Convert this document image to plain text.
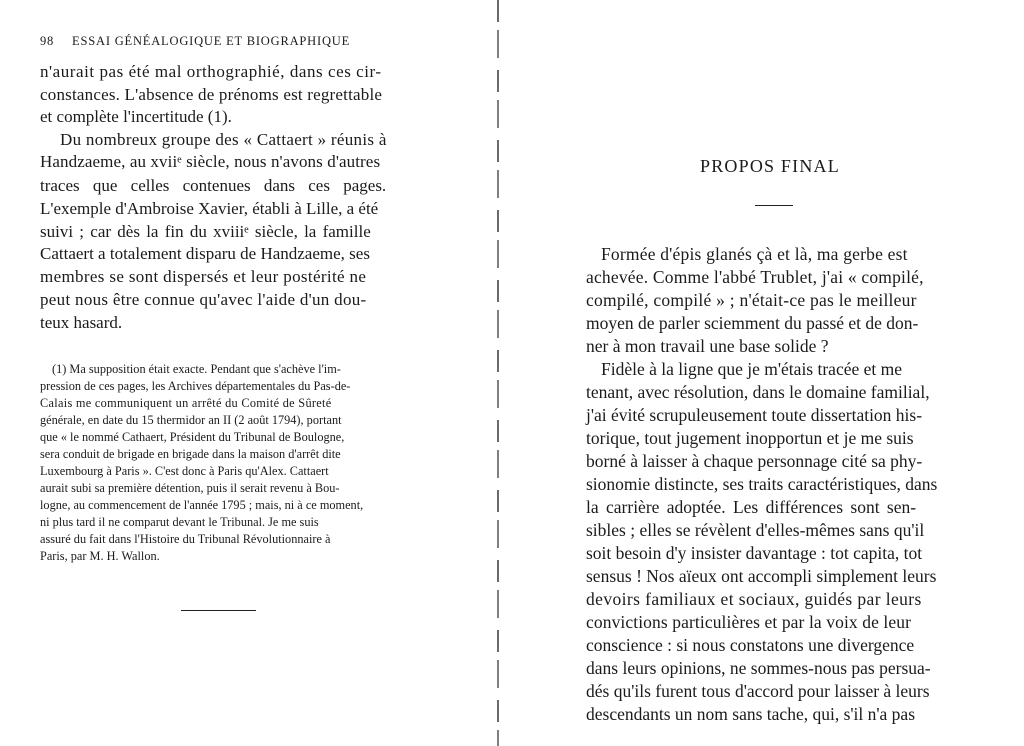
98 ESSAI GÉNÉALOGIQUE ET BIOGRAPHIQUE
n'aurait pas été mal orthographié, dans ces cir-
constances. L'absence de prénoms est regrettable
et complète l'incertitude (1).
Du nombreux groupe des « Cattaert » réunis à
Handzaeme, au xviiᵉ siècle, nous n'avons d'autres
traces que celles contenues dans ces pages.
L'exemple d'Ambroise Xavier, établi à Lille, a été
suivi ; car dès la fin du xviiiᵉ siècle, la famille
Cattaert a totalement disparu de Handzaeme, ses
membres se sont dispersés et leur postérité ne
peut nous être connue qu'avec l'aide d'un dou-
teux hasard.
(1) Ma supposition était exacte. Pendant que s'achève l'im-
pression de ces pages, les Archives départementales du Pas-de-
Calais me communiquent un arrêté du Comité de Sûreté
générale, en date du 15 thermidor an II (2 août 1794), portant
que « le nommé Cathaert, Président du Tribunal de Boulogne,
sera conduit de brigade en brigade dans la maison d'arrêt dite
Luxembourg à Paris ». C'est donc à Paris qu'Alex. Cattaert
aurait subi sa première détention, puis il serait revenu à Bou-
logne, au commencement de l'année 1795 ; mais, ni à ce moment,
ni plus tard il ne comparut devant le Tribunal. Je me suis
assuré du fait dans l'Histoire du Tribunal Révolutionnaire à
Paris, par M. H. Wallon.
PROPOS FINAL
Formée d'épis glanés çà et là, ma gerbe est
achevée. Comme l'abbé Trublet, j'ai « compilé,
compilé, compilé » ; n'était-ce pas le meilleur
moyen de parler sciemment du passé et de don-
ner à mon travail une base solide ?
Fidèle à la ligne que je m'étais tracée et me
tenant, avec résolution, dans le domaine familial,
j'ai évité scrupuleusement toute dissertation his-
torique, tout jugement inopportun et je me suis
borné à laisser à chaque personnage cité sa phy-
sionomie distincte, ses traits caractéristiques, dans
la carrière adoptée. Les différences sont sen-
sibles ; elles se révèlent d'elles-mêmes sans qu'il
soit besoin d'y insister davantage : tot capita, tot
sensus ! Nos aïeux ont accompli simplement leurs
devoirs familiaux et sociaux, guidés par leurs
convictions particulières et par la voix de leur
conscience : si nous constatons une divergence
dans leurs opinions, ne sommes-nous pas persua-
dés qu'ils furent tous d'accord pour laisser à leurs
descendants un nom sans tache, qui, s'il n'a pas
